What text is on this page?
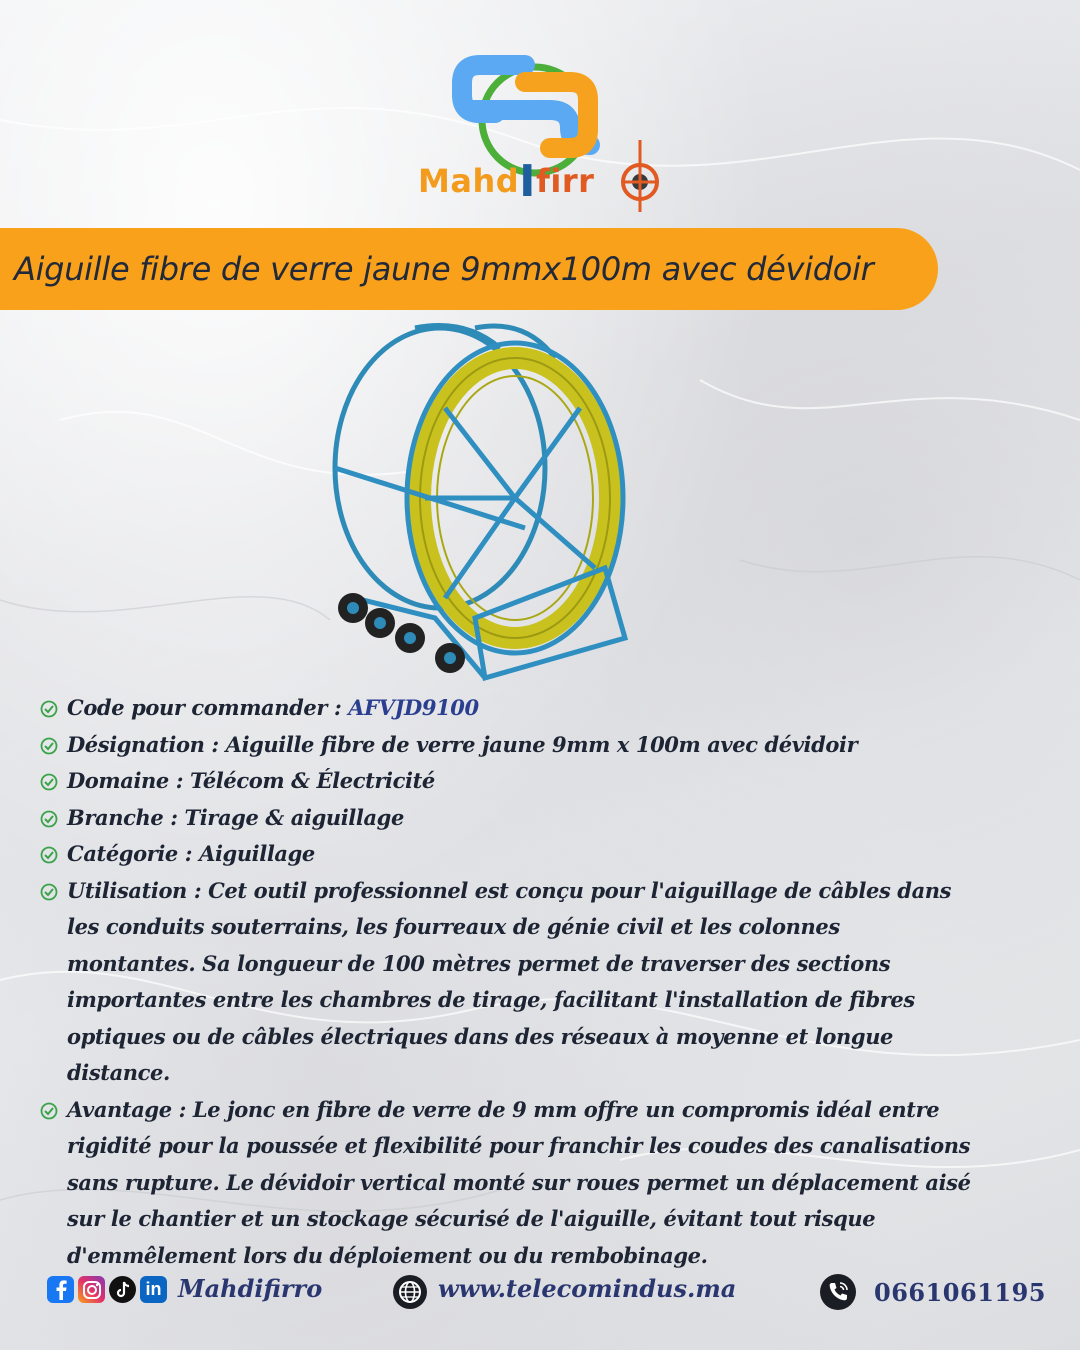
MahdIfirr
Aiguille fibre de verre jaune 9mmx100m avec dévidoir
Code pour commander : AFVJD9100
Désignation : Aiguille fibre de verre jaune 9mm x 100m avec dévidoir
Domaine : Télécom & Électricité
Branche : Tirage & aiguillage
Catégorie : Aiguillage
Utilisation : Cet outil professionnel est conçu pour l'aiguillage de câbles dans les conduits souterrains, les fourreaux de génie civil et les colonnes montantes. Sa longueur de 100 mètres permet de traverser des sections importantes entre les chambres de tirage, facilitant l'installation de fibres optiques ou de câbles électriques dans des réseaux à moyenne et longue distance.
Avantage : Le jonc en fibre de verre de 9 mm offre un compromis idéal entre rigidité pour la poussée et flexibilité pour franchir les coudes des canalisations sans rupture. Le dévidoir vertical monté sur roues permet un déplacement aisé sur le chantier et un stockage sécurisé de l'aiguille, évitant tout risque d'emmêlement lors du déploiement ou du rembobinage.
in Mahdifirro	www.telecomindus.ma	0661061195
